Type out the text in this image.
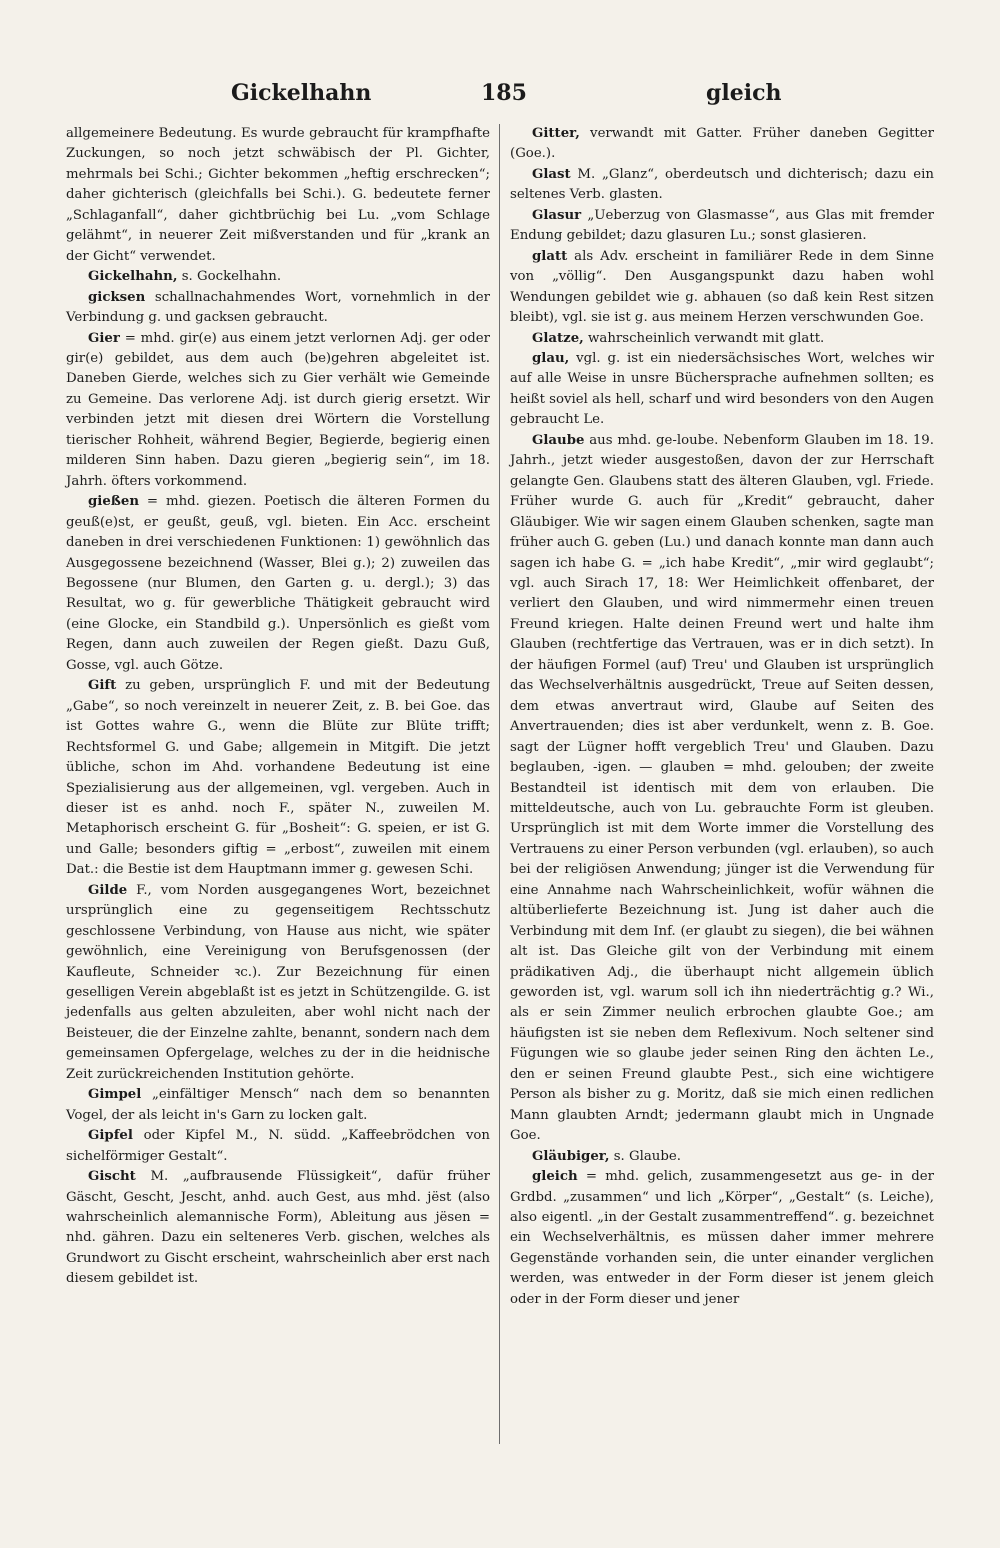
Gickelhahn	185	gleich

allgemeinere Bedeutung. Es wurde gebraucht für krampfhafte Zuckungen, so noch jetzt schwäbisch der Pl. Gichter, mehrmals bei Schi.; Gichter bekommen „heftig erschrecken“; daher gichterisch (gleichfalls bei Schi.). G. bedeutete ferner „Schlaganfall“, daher gichtbrüchig bei Lu. „vom Schlage gelähmt“, in neuerer Zeit mißverstanden und für „krank an der Gicht“ verwendet.

Gickelhahn, s. Gockelhahn.

gicksen schallnachahmendes Wort, vornehmlich in der Verbindung g. und gacksen gebraucht.

Gier = mhd. gir(e) aus einem jetzt verlornen Adj. ger oder gir(e) gebildet, aus dem auch (be)gehren abgeleitet ist. Daneben Gierde, welches sich zu Gier verhält wie Gemeinde zu Gemeine. Das verlorene Adj. ist durch gierig ersetzt. Wir verbinden jetzt mit diesen drei Wörtern die Vorstellung tierischer Rohheit, während Begier, Begierde, begierig einen milderen Sinn haben. Dazu gieren „begierig sein“, im 18. Jahrh. öfters vorkommend.

gießen = mhd. giezen. Poetisch die älteren Formen du geuß(e)st, er geußt, geuß, vgl. bieten. Ein Acc. erscheint daneben in drei verschiedenen Funktionen: 1) gewöhnlich das Ausgegossene bezeichnend (Wasser, Blei g.); 2) zuweilen das Begossene (nur Blumen, den Garten g. u. dergl.); 3) das Resultat, wo g. für gewerbliche Thätigkeit gebraucht wird (eine Glocke, ein Standbild g.). Unpersönlich es gießt vom Regen, dann auch zuweilen der Regen gießt. Dazu Guß, Gosse, vgl. auch Götze.

Gift zu geben, ursprünglich F. und mit der Bedeutung „Gabe“, so noch vereinzelt in neuerer Zeit, z. B. bei Goe. das ist Gottes wahre G., wenn die Blüte zur Blüte trifft; Rechtsformel G. und Gabe; allgemein in Mitgift. Die jetzt übliche, schon im Ahd. vorhandene Bedeutung ist eine Spezialisierung aus der allgemeinen, vgl. vergeben. Auch in dieser ist es anhd. noch F., später N., zuweilen M. Metaphorisch erscheint G. für „Bosheit“: G. speien, er ist G. und Galle; besonders giftig = „erbost“, zuweilen mit einem Dat.: die Bestie ist dem Hauptmann immer g. gewesen Schi.

Gilde F., vom Norden ausgegangenes Wort, bezeichnet ursprünglich eine zu gegenseitigem Rechtsschutz geschlossene Verbindung, von Hause aus nicht, wie später gewöhnlich, eine Vereinigung von Berufsgenossen (der Kaufleute, Schneider ꝛc.). Zur Bezeichnung für einen geselligen Verein abgeblaßt ist es jetzt in Schützengilde. G. ist jedenfalls aus gelten abzuleiten, aber wohl nicht nach der Beisteuer, die der Einzelne zahlte, benannt, sondern nach dem gemeinsamen Opfergelage, welches zu der in die heidnische Zeit zurückreichenden Institution gehörte.

Gimpel „einfältiger Mensch“ nach dem so benannten Vogel, der als leicht in's Garn zu locken galt.

Gipfel oder Kipfel M., N. südd. „Kaffeebrödchen von sichelförmiger Gestalt“.

Gischt M. „aufbrausende Flüssigkeit“, dafür früher Gäscht, Gescht, Jescht, anhd. auch Gest, aus mhd. jëst (also wahrscheinlich alemannische Form), Ableitung aus jësen = nhd. gähren. Dazu ein selteneres Verb. gischen, welches als Grundwort zu Gischt erscheint, wahrscheinlich aber erst nach diesem gebildet ist.

Gitter, verwandt mit Gatter. Früher daneben Gegitter (Goe.).

Glast M. „Glanz“, oberdeutsch und dichterisch; dazu ein seltenes Verb. glasten.

Glasur „Ueberzug von Glasmasse“, aus Glas mit fremder Endung gebildet; dazu glasuren Lu.; sonst glasieren.

glatt als Adv. erscheint in familiärer Rede in dem Sinne von „völlig“. Den Ausgangspunkt dazu haben wohl Wendungen gebildet wie g. abhauen (so daß kein Rest sitzen bleibt), vgl. sie ist g. aus meinem Herzen verschwunden Goe.

Glatze, wahrscheinlich verwandt mit glatt.

glau, vgl. g. ist ein niedersächsisches Wort, welches wir auf alle Weise in unsre Büchersprache aufnehmen sollten; es heißt soviel als hell, scharf und wird besonders von den Augen gebraucht Le.

Glaube aus mhd. ge-loube. Nebenform Glauben im 18. 19. Jahrh., jetzt wieder ausgestoßen, davon der zur Herrschaft gelangte Gen. Glaubens statt des älteren Glauben, vgl. Friede. Früher wurde G. auch für „Kredit“ gebraucht, daher Gläubiger. Wie wir sagen einem Glauben schenken, sagte man früher auch G. geben (Lu.) und danach konnte man dann auch sagen ich habe G. = „ich habe Kredit“, „mir wird geglaubt“; vgl. auch Sirach 17, 18: Wer Heimlichkeit offenbaret, der verliert den Glauben, und wird nimmermehr einen treuen Freund kriegen. Halte deinen Freund wert und halte ihm Glauben (rechtfertige das Vertrauen, was er in dich setzt). In der häufigen Formel (auf) Treu' und Glauben ist ursprünglich das Wechselverhältnis ausgedrückt, Treue auf Seiten dessen, dem etwas anvertraut wird, Glaube auf Seiten des Anvertrauenden; dies ist aber verdunkelt, wenn z. B. Goe. sagt der Lügner hofft vergeblich Treu' und Glauben. Dazu beglauben, -igen. — glauben = mhd. gelouben; der zweite Bestandteil ist identisch mit dem von erlauben. Die mitteldeutsche, auch von Lu. gebrauchte Form ist gleuben. Ursprünglich ist mit dem Worte immer die Vorstellung des Vertrauens zu einer Person verbunden (vgl. erlauben), so auch bei der religiösen Anwendung; jünger ist die Verwendung für eine Annahme nach Wahrscheinlichkeit, wofür wähnen die altüberlieferte Bezeichnung ist. Jung ist daher auch die Verbindung mit dem Inf. (er glaubt zu siegen), die bei wähnen alt ist. Das Gleiche gilt von der Verbindung mit einem prädikativen Adj., die überhaupt nicht allgemein üblich geworden ist, vgl. warum soll ich ihn niederträchtig g.? Wi., als er sein Zimmer neulich erbrochen glaubte Goe.; am häufigsten ist sie neben dem Reflexivum. Noch seltener sind Fügungen wie so glaube jeder seinen Ring den ächten Le., den er seinen Freund glaubte Pest., sich eine wichtigere Person als bisher zu g. Moritz, daß sie mich einen redlichen Mann glaubten Arndt; jedermann glaubt mich in Ungnade Goe.

Gläubiger, s. Glaube.

gleich = mhd. gelich, zusammengesetzt aus ge- in der Grdbd. „zusammen“ und lich „Körper“, „Gestalt“ (s. Leiche), also eigentl. „in der Gestalt zusammentreffend“. g. bezeichnet ein Wechselverhältnis, es müssen daher immer mehrere Gegenstände vorhanden sein, die unter einander verglichen werden, was entweder in der Form dieser ist jenem gleich oder in der Form dieser und jener
